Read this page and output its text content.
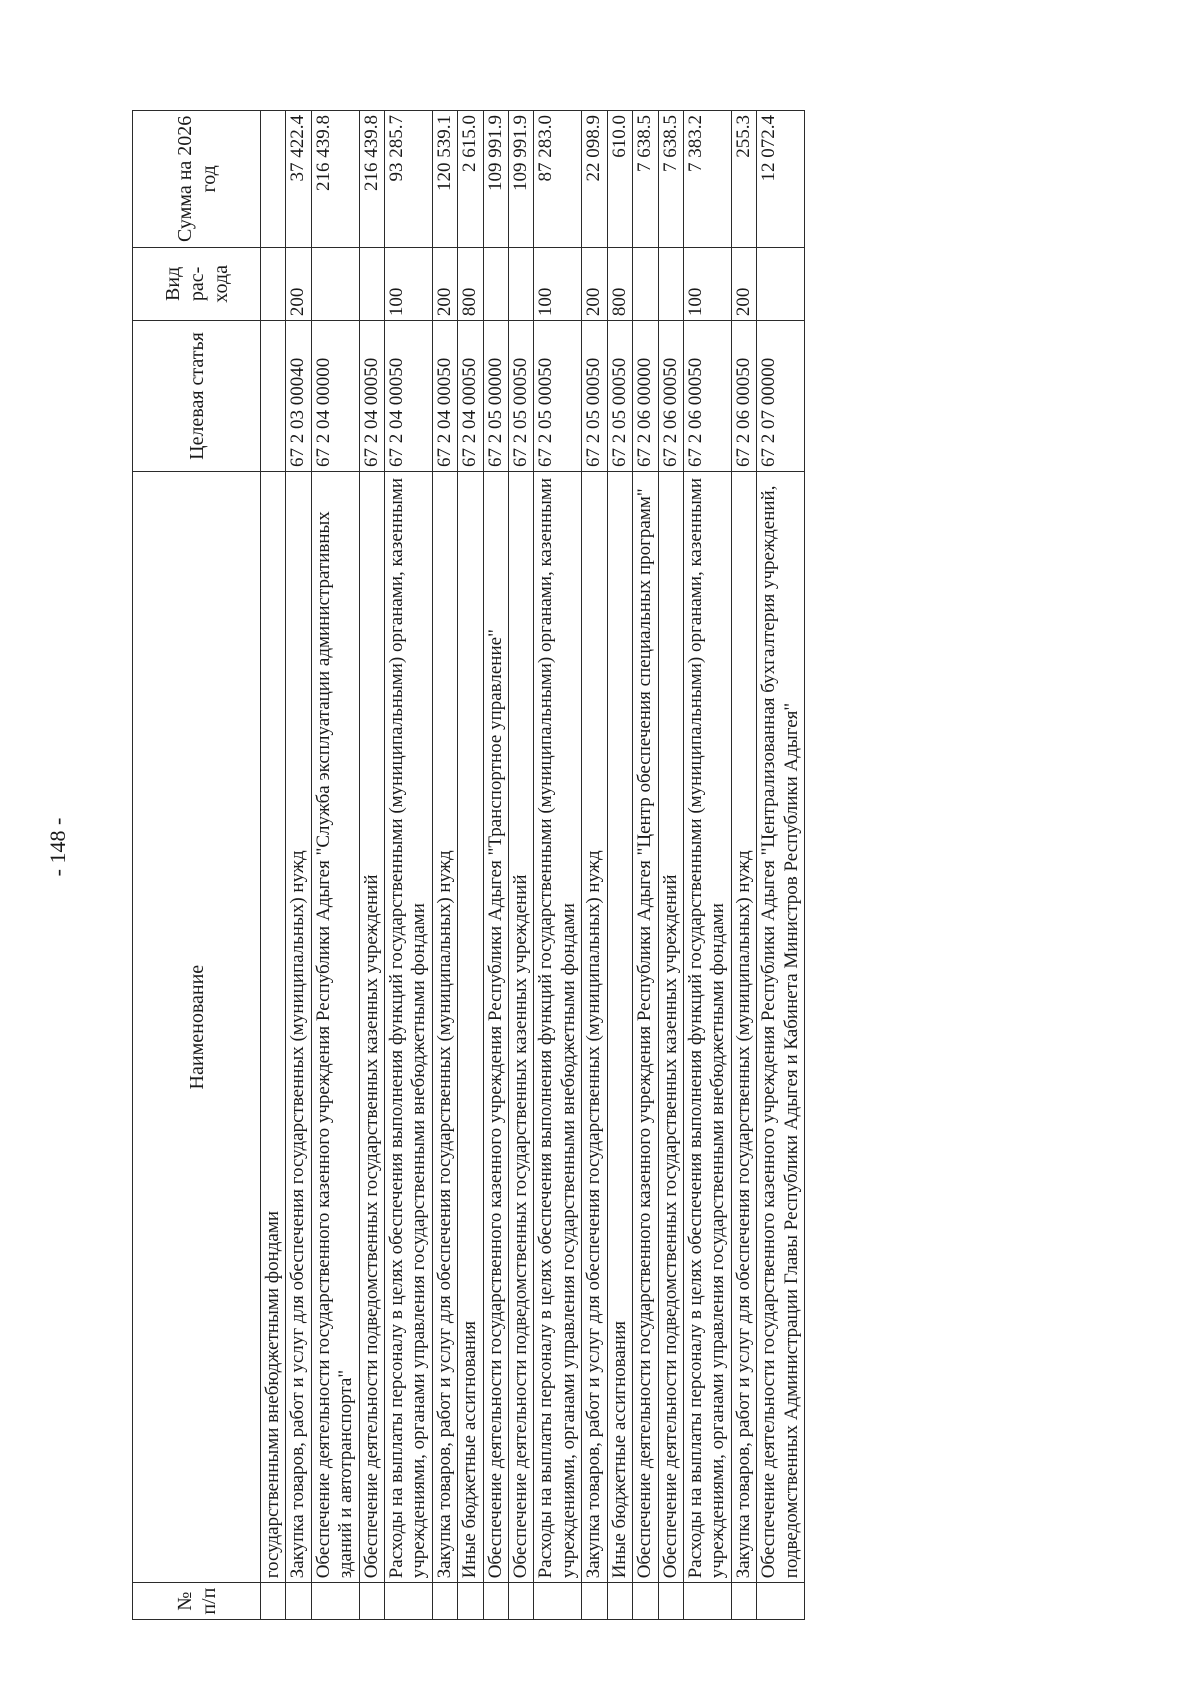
- 148 -
№ п/п	Наименование	Целевая статья	Вид рас-хода	Сумма на 2026 год
	государственными внебюджетными фондами			
	Закупка товаров, работ и услуг для обеспечения государственных (муниципальных) нужд	67 2 03 00040	200	37 422.4
	Обеспечение деятельности государственного казенного учреждения Республики Адыгея "Служба эксплуатации административных зданий и автотранспорта"	67 2 04 00000		216 439.8
	Обеспечение деятельности подведомственных государственных казенных учреждений	67 2 04 00050		216 439.8
	Расходы на выплаты персоналу в целях обеспечения выполнения функций государственными (муниципальными) органами, казенными учреждениями, органами управления государственными внебюджетными фондами	67 2 04 00050	100	93 285.7
	Закупка товаров, работ и услуг для обеспечения государственных (муниципальных) нужд	67 2 04 00050	200	120 539.1
	Иные бюджетные ассигнования	67 2 04 00050	800	2 615.0
	Обеспечение деятельности государственного казенного учреждения Республики Адыгея "Транспортное управление"	67 2 05 00000		109 991.9
	Обеспечение деятельности подведомственных государственных казенных учреждений	67 2 05 00050		109 991.9
	Расходы на выплаты персоналу в целях обеспечения выполнения функций государственными (муниципальными) органами, казенными учреждениями, органами управления государственными внебюджетными фондами	67 2 05 00050	100	87 283.0
	Закупка товаров, работ и услуг для обеспечения государственных (муниципальных) нужд	67 2 05 00050	200	22 098.9
	Иные бюджетные ассигнования	67 2 05 00050	800	610.0
	Обеспечение деятельности государственного казенного учреждения Республики Адыгея "Центр обеспечения специальных программ"	67 2 06 00000		7 638.5
	Обеспечение деятельности подведомственных государственных казенных учреждений	67 2 06 00050		7 638.5
	Расходы на выплаты персоналу в целях обеспечения выполнения функций государственными (муниципальными) органами, казенными учреждениями, органами управления государственными внебюджетными фондами	67 2 06 00050	100	7 383.2
	Закупка товаров, работ и услуг для обеспечения государственных (муниципальных) нужд	67 2 06 00050	200	255.3
	Обеспечение деятельности государственного казенного учреждения Республики Адыгея "Централизованная бухгалтерия учреждений, подведомственных Администрации Главы Республики Адыгея и Кабинета Министров Республики Адыгея"	67 2 07 00000		12 072.4
